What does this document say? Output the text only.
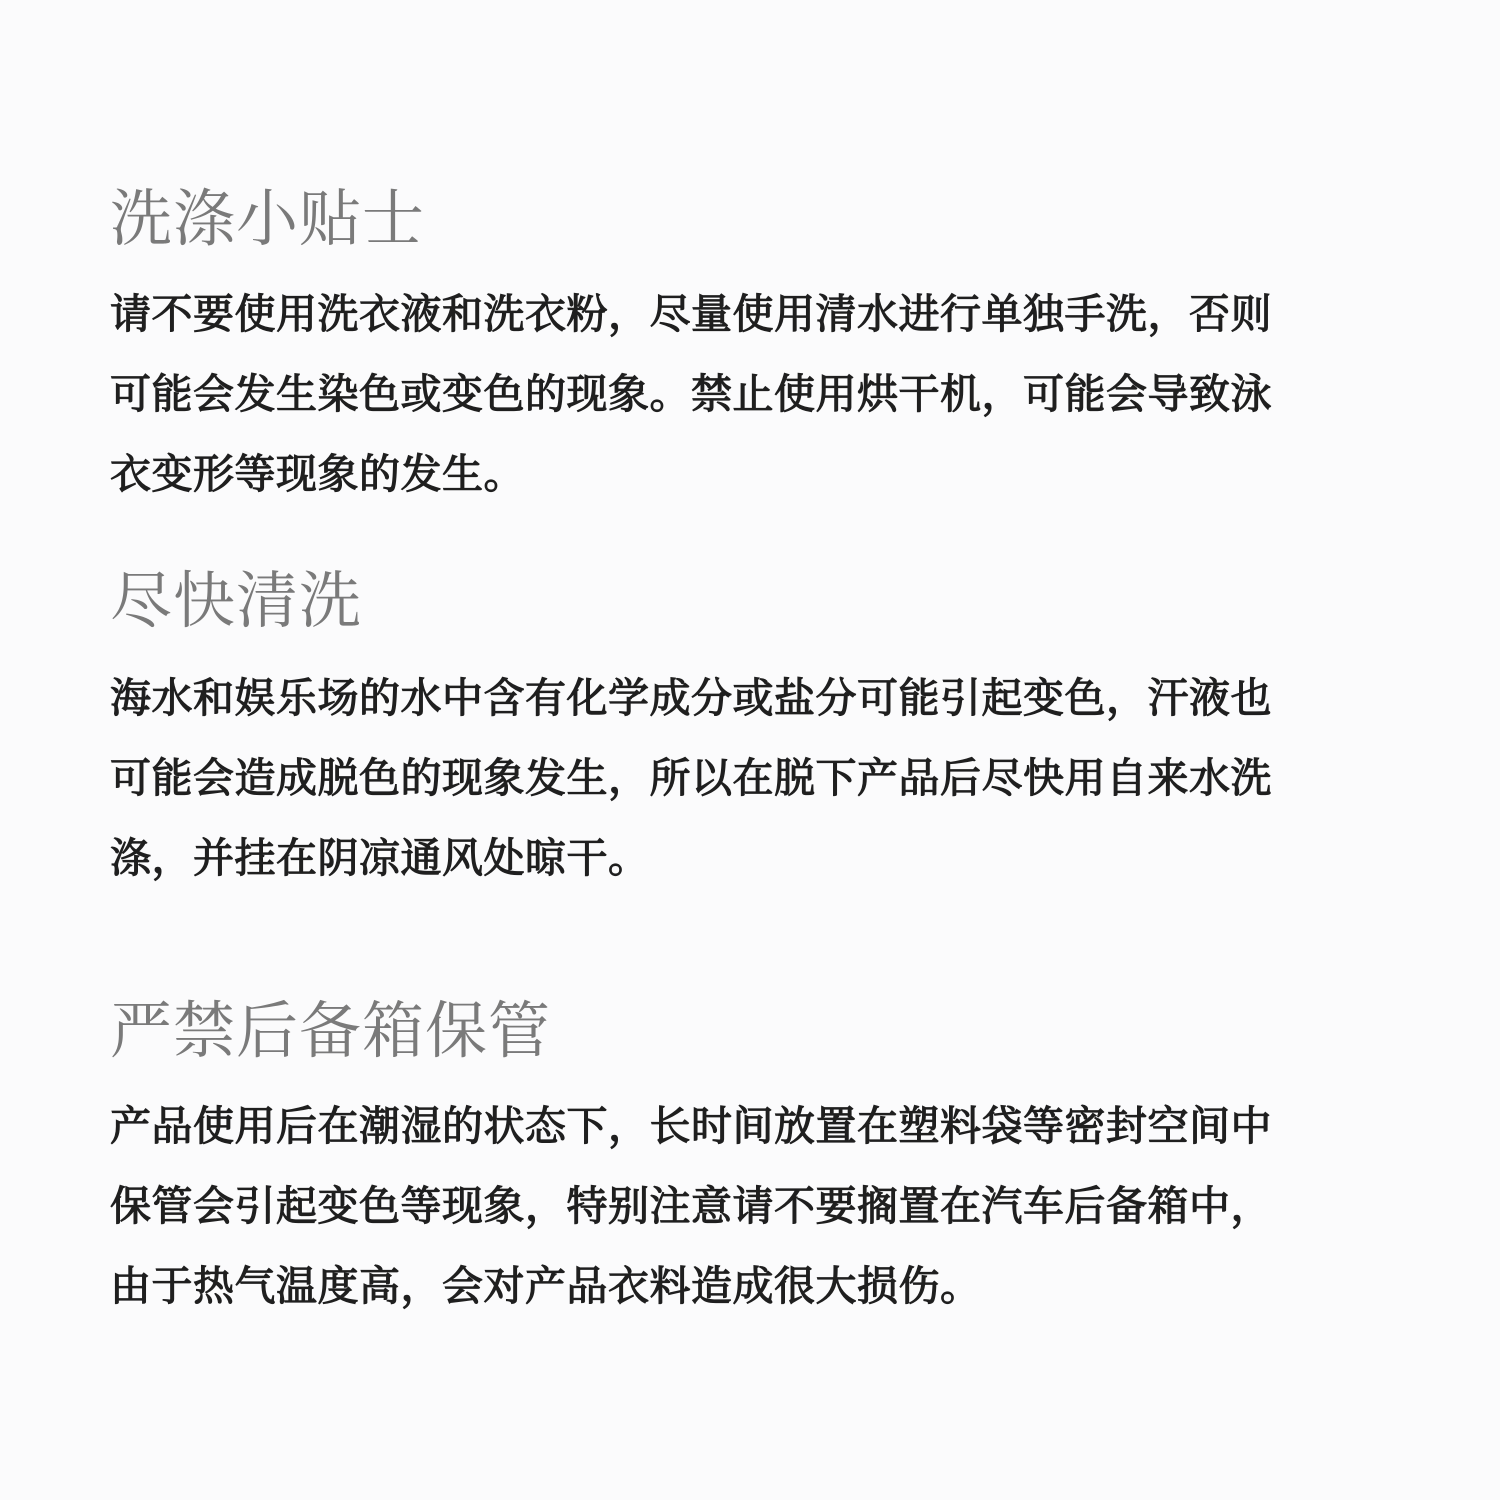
洗涤小贴士

请不要使用洗衣液和洗衣粉，尽量使用清水进行单独手洗，否则
可能会发生染色或变色的现象。禁止使用烘干机，可能会导致泳
衣变形等现象的发生。

尽快清洗

海水和娱乐场的水中含有化学成分或盐分可能引起变色，汗液也
可能会造成脱色的现象发生，所以在脱下产品后尽快用自来水洗
涤，并挂在阴凉通风处晾干。

严禁后备箱保管

产品使用后在潮湿的状态下，长时间放置在塑料袋等密封空间中
保管会引起变色等现象，特别注意请不要搁置在汽车后备箱中，
由于热气温度高，会对产品衣料造成很大损伤。
